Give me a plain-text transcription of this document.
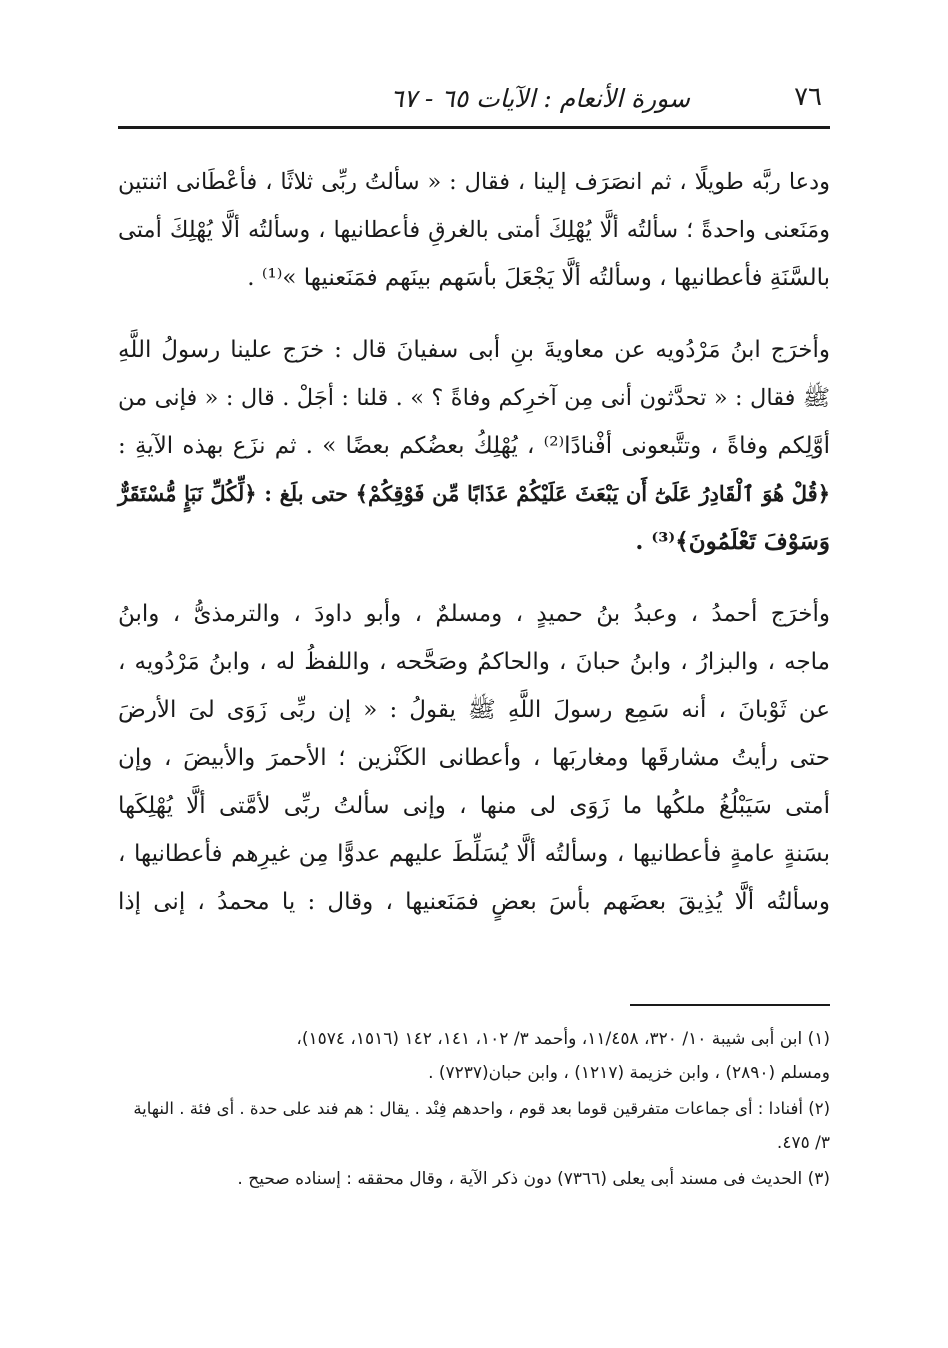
٧٦
سورة الأنعام : الآيات ٦٥ - ٦٧

ودعا ربَّه طويلًا ، ثم انصَرَف إلينا ، فقال : « سألتُ ربِّى ثلاثًا ، فأعْطَانى اثنتين
ومَنَعنى واحدةً ؛ سألتُه ألَّا يُهْلِكَ أمتى بالغرقِ فأعطانيها ، وسألتُه ألَّا يُهْلِكَ أمتى
بالسَّنَةِ فأعطانيها ، وسألتُه ألَّا يَجْعَلَ بأسَهم بينَهم فمَنَعنيها »⁽¹⁾ .

وأخرَج ابنُ مَرْدُويه عن معاويةَ بنِ أبى سفيانَ قال : خرَج علينا رسولُ اللَّهِ
ﷺ فقال : « تحدَّثون أنى مِن آخرِكم وفاةً ؟ » . قلنا : أجَلْ . قال : « فإنى من
أوَّلِكم وفاةً ، وتتَّبعونى أفْنادًا⁽²⁾ ، يُهْلِكُ بعضُكم بعضًا » . ثم نزَع بهذه الآيةِ :
﴿قُلْ هُوَ ٱلْقَادِرُ عَلَىٰٓ أَن يَبْعَثَ عَلَيْكُمْ عَذَابًا مِّن فَوْقِكُمْ﴾ حتى بلَغ : ﴿لِّكُلِّ نَبَإٍ مُّسْتَقَرٌّ
وَسَوْفَ تَعْلَمُونَ﴾⁽³⁾ .

وأخرَج أحمدُ ، وعبدُ بنُ حميدٍ ، ومسلمٌ ، وأبو داودَ ، والترمذىُّ ، وابنُ
ماجه ، والبزارُ ، وابنُ حبانَ ، والحاكمُ وصَحَّحه ، واللفظُ له ، وابنُ مَرْدُويه ،
عن ثَوْبانَ ، أنه سَمِع رسولَ اللَّهِ ﷺ يقولُ : « إن ربِّى زَوَى لىَ الأرضَ
حتى رأيتُ مشارقَها ومغاربَها ، وأعطانى الكَنْزين ؛ الأحمرَ والأبيضَ ، وإن
أمتى سَيَبْلُغُ ملكُها ما زَوَى لى منها ، وإنى سألتُ ربِّى لأمَّتى ألَّا يُهْلِكَها
بسَنةٍ عامةٍ فأعطانيها ، وسألتُه ألَّا يُسَلِّطَ عليهم عدوًّا مِن غيرِهم فأعطانيها ،
وسألتُه ألَّا يُذِيقَ بعضَهم بأسَ بعضٍ فمَنَعنيها ، وقال : يا محمدُ ، إنى إذا

(١) ابن أبى شيبة ١٠/ ٣٢٠، ١١/٤٥٨، وأحمد ٣/ ١٠٢، ١٤١، ١٤٢ (١٥١٦، ١٥٧٤)،
ومسلم (٢٨٩٠) ، وابن خزيمة (١٢١٧) ، وابن حبان(٧٢٣٧) .
(٢) أفنادا : أى جماعات متفرقين قوما بعد قوم ، واحدهم فِنْد . يقال : هم فند على حدة . أى فئة . النهاية
٣/ ٤٧٥.
(٣) الحديث فى مسند أبى يعلى (٧٣٦٦) دون ذكر الآية ، وقال محققه : إسناده صحيح .
